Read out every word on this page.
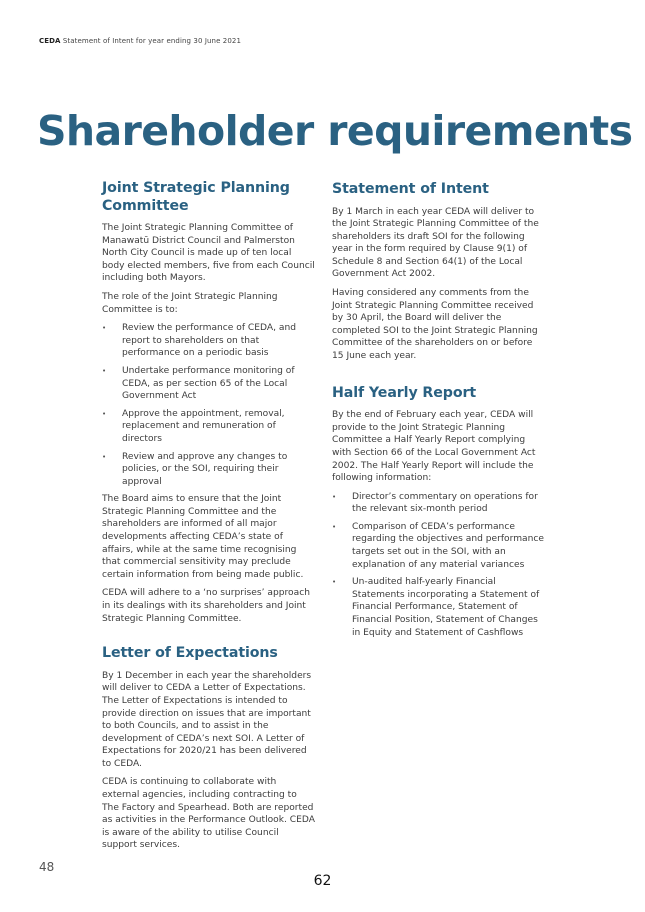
CEDA Statement of Intent for year ending 30 June 2021
Shareholder requirements
Joint Strategic Planning Committee

The Joint Strategic Planning Committee of Manawatū District Council and Palmerston North City Council is made up of ten local body elected members, five from each Council including both Mayors.

The role of the Joint Strategic Planning Committee is to:

• Review the performance of CEDA, and report to shareholders on that performance on a periodic basis
• Undertake performance monitoring of CEDA, as per section 65 of the Local Government Act
• Approve the appointment, removal, replacement and remuneration of directors
• Review and approve any changes to policies, or the SOI, requiring their approval

The Board aims to ensure that the Joint Strategic Planning Committee and the shareholders are informed of all major developments affecting CEDA’s state of affairs, while at the same time recognising that commercial sensitivity may preclude certain information from being made public.

CEDA will adhere to a ‘no surprises’ approach in its dealings with its shareholders and Joint Strategic Planning Committee.

Letter of Expectations

By 1 December in each year the shareholders will deliver to CEDA a Letter of Expectations. The Letter of Expectations is intended to provide direction on issues that are important to both Councils, and to assist in the development of CEDA’s next SOI. A Letter of Expectations for 2020/21 has been delivered to CEDA.

CEDA is continuing to collaborate with external agencies, including contracting to The Factory and Spearhead. Both are reported as activities in the Performance Outlook. CEDA is aware of the ability to utilise Council support services.

Statement of Intent

By 1 March in each year CEDA will deliver to the Joint Strategic Planning Committee of the shareholders its draft SOI for the following year in the form required by Clause 9(1) of Schedule 8 and Section 64(1) of the Local Government Act 2002.

Having considered any comments from the Joint Strategic Planning Committee received by 30 April, the Board will deliver the completed SOI to the Joint Strategic Planning Committee of the shareholders on or before 15 June each year.

Half Yearly Report

By the end of February each year, CEDA will provide to the Joint Strategic Planning Committee a Half Yearly Report complying with Section 66 of the Local Government Act 2002. The Half Yearly Report will include the following information:

• Director’s commentary on operations for the relevant six-month period
• Comparison of CEDA’s performance regarding the objectives and performance targets set out in the SOI, with an explanation of any material variances
• Un-audited half-yearly Financial Statements incorporating a Statement of Financial Performance, Statement of Financial Position, Statement of Changes in Equity and Statement of Cashflows
48
62
